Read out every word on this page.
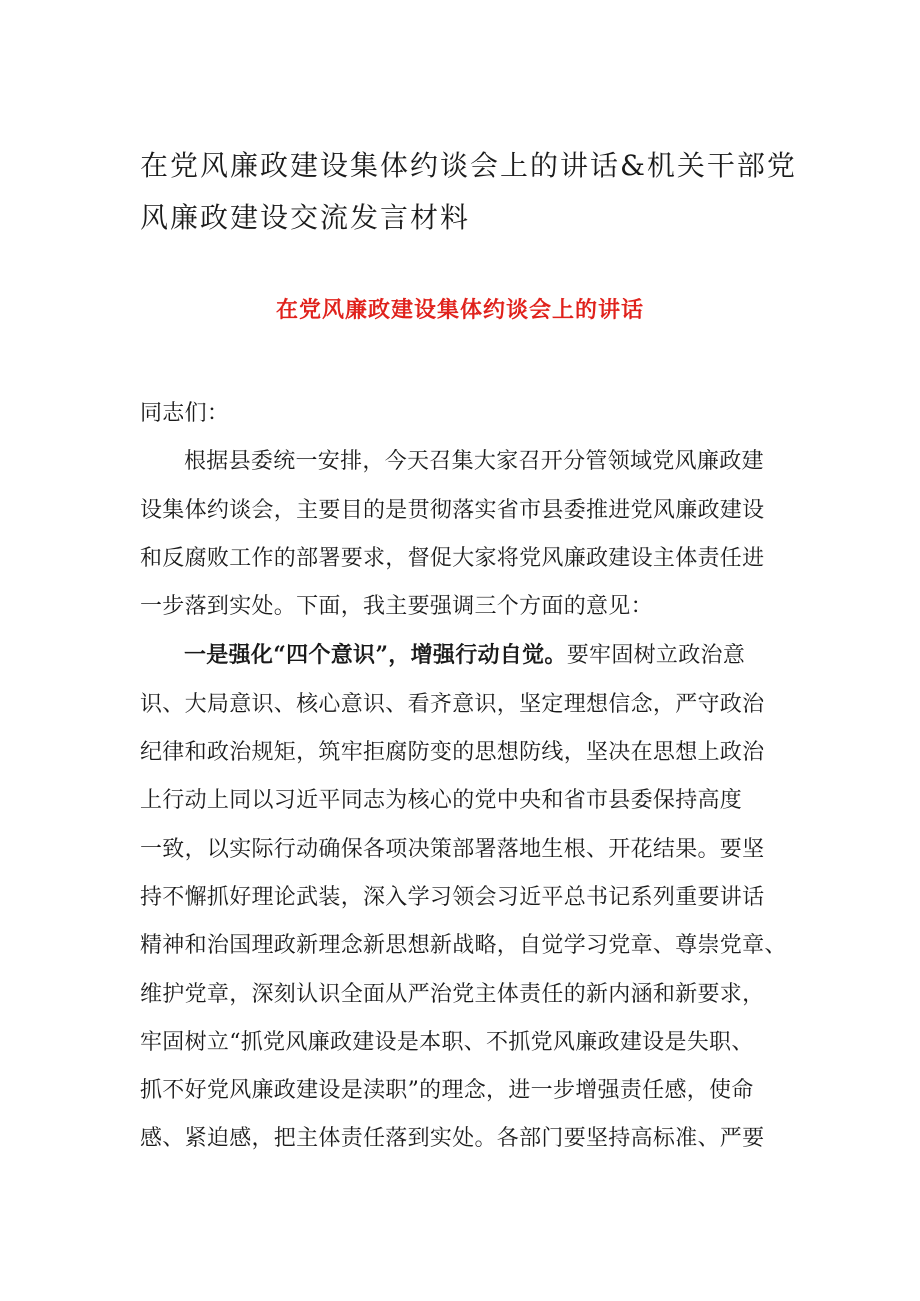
在党风廉政建设集体约谈会上的讲话&机关干部党
风廉政建设交流发言材料
在党风廉政建设集体约谈会上的讲话
同志们：
根据县委统一安排，今天召集大家召开分管领域党风廉政建
设集体约谈会，主要目的是贯彻落实省市县委推进党风廉政建设
和反腐败工作的部署要求，督促大家将党风廉政建设主体责任进
一步落到实处。下面，我主要强调三个方面的意见：
一是强化“四个意识”，增强行动自觉。要牢固树立政治意
识、大局意识、核心意识、看齐意识，坚定理想信念，严守政治
纪律和政治规矩，筑牢拒腐防变的思想防线，坚决在思想上政治
上行动上同以习近平同志为核心的党中央和省市县委保持高度
一致，以实际行动确保各项决策部署落地生根、开花结果。要坚
持不懈抓好理论武装，深入学习领会习近平总书记系列重要讲话
精神和治国理政新理念新思想新战略，自觉学习党章、尊崇党章、
维护党章，深刻认识全面从严治党主体责任的新内涵和新要求，
牢固树立“抓党风廉政建设是本职、不抓党风廉政建设是失职、
抓不好党风廉政建设是渎职”的理念，进一步增强责任感，使命
感、紧迫感，把主体责任落到实处。各部门要坚持高标准、严要
